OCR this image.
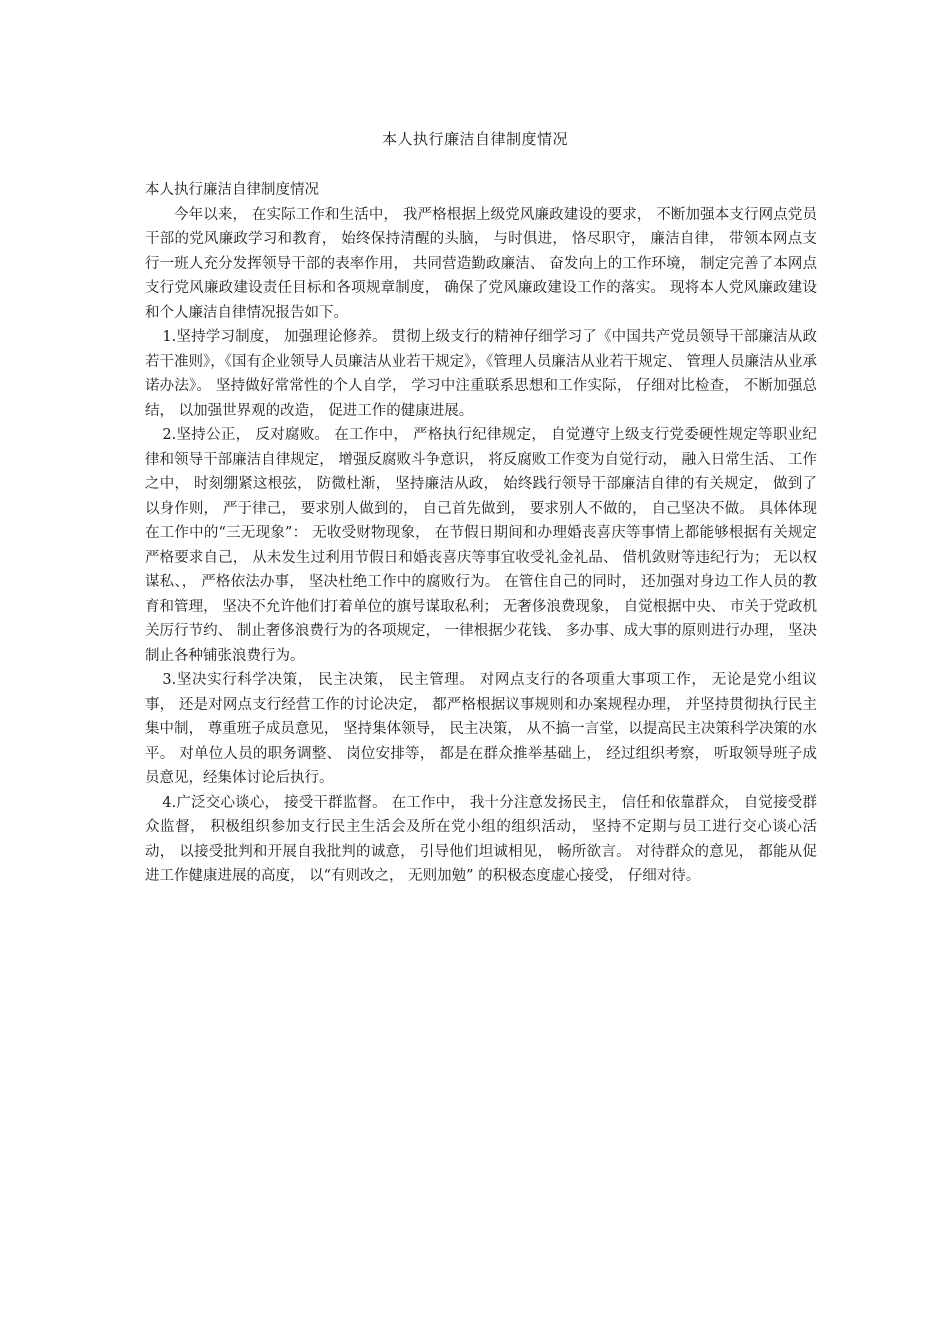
本人执行廉洁自律制度情况

本人执行廉洁自律制度情况

今年以来， 在实际工作和生活中， 我严格根据上级党风廉政建设的要求， 不断加强本支行网点党员干部的党风廉政学习和教育， 始终保持清醒的头脑， 与时俱进， 恪尽职守， 廉洁自律， 带领本网点支行一班人充分发挥领导干部的表率作用， 共同营造勤政廉洁、 奋发向上的工作环境， 制定完善了本网点支行党风廉政建设责任目标和各项规章制度， 确保了党风廉政建设工作的落实。 现将本人党风廉政建设和个人廉洁自律情况报告如下。

1.坚持学习制度， 加强理论修养。 贯彻上级支行的精神仔细学习了《中国共产党员领导干部廉洁从政若干准则》，《国有企业领导人员廉洁从业若干规定》，《管理人员廉洁从业若干规定、 管理人员廉洁从业承诺办法》。 坚持做好常常性的个人自学， 学习中注重联系思想和工作实际， 仔细对比检查， 不断加强总结， 以加强世界观的改造， 促进工作的健康进展。

2.坚持公正， 反对腐败。 在工作中， 严格执行纪律规定， 自觉遵守上级支行党委硬性规定等职业纪律和领导干部廉洁自律规定， 增强反腐败斗争意识， 将反腐败工作变为自觉行动， 融入日常生活、 工作之中， 时刻绷紧这根弦， 防微杜渐， 坚持廉洁从政， 始终践行领导干部廉洁自律的有关规定， 做到了以身作则， 严于律己， 要求别人做到的， 自己首先做到， 要求别人不做的， 自己坚决不做。 具体体现在工作中的“三无现象”： 无收受财物现象， 在节假日期间和办理婚丧喜庆等事情上都能够根据有关规定严格要求自己， 从未发生过利用节假日和婚丧喜庆等事宜收受礼金礼品、 借机敛财等违纪行为； 无以权谋私、， 严格依法办事， 坚决杜绝工作中的腐败行为。 在管住自己的同时， 还加强对身边工作人员的教育和管理， 坚决不允许他们打着单位的旗号谋取私利； 无奢侈浪费现象， 自觉根据中央、 市关于党政机关厉行节约、 制止奢侈浪费行为的各项规定， 一律根据少花钱、 多办事、成大事的原则进行办理， 坚决制止各种铺张浪费行为。

3.坚决实行科学决策， 民主决策， 民主管理。 对网点支行的各项重大事项工作， 无论是党小组议事， 还是对网点支行经营工作的讨论决定， 都严格根据议事规则和办案规程办理， 并坚持贯彻执行民主集中制， 尊重班子成员意见， 坚持集体领导， 民主决策， 从不搞一言堂，以提高民主决策科学决策的水平。 对单位人员的职务调整、 岗位安排等， 都是在群众推举基础上， 经过组织考察， 听取领导班子成员意见，经集体讨论后执行。

4.广泛交心谈心， 接受干群监督。 在工作中， 我十分注意发扬民主， 信任和依靠群众， 自觉接受群众监督， 积极组织参加支行民主生活会及所在党小组的组织活动， 坚持不定期与员工进行交心谈心活动， 以接受批判和开展自我批判的诚意， 引导他们坦诚相见， 畅所欲言。 对待群众的意见， 都能从促进工作健康进展的高度， 以“有则改之， 无则加勉” 的积极态度虚心接受， 仔细对待。
